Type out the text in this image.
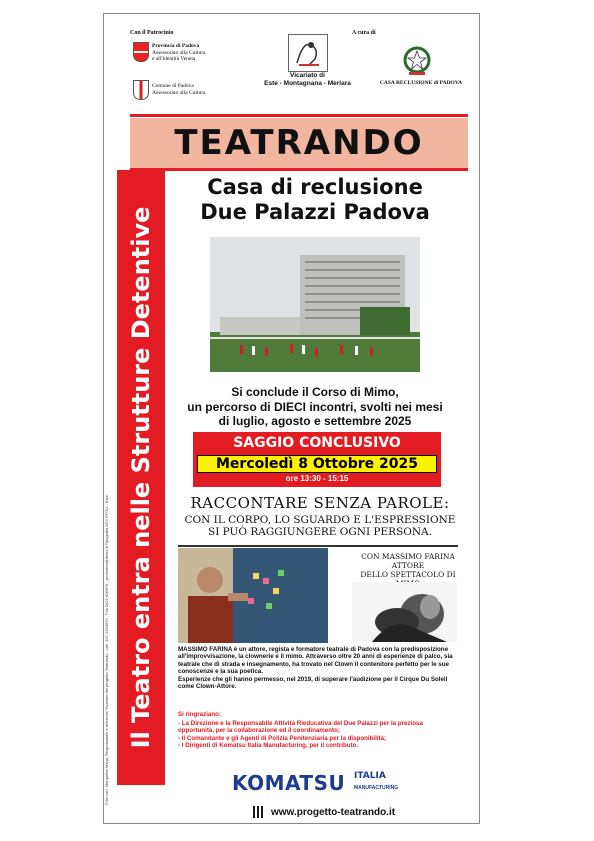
Con il Patrocinio	A cura di
Provincia di Padova
Assessorato alla Cultura
e all'Identità Veneta
Comune di Padova
Assessorato alla Cultura
Vicariato di
Este - Montagnana - Merlara	CASA RECLUSIONE di PADOVA
TEATRANDO
Il Teatro entra nelle Strutture Detentive
Foto cdo: Marquette Maria, Responsabile e referente Vicariato del progetto Teatrando - cell. 347 2394979 - Fax 0429 606876 - promotea@libero.it Tipografia AP3 RTGU - Este
Casa di reclusione
Due Palazzi Padova
Si conclude il Corso di Mimo,
un percorso di DIECI incontri, svolti nei mesi
di luglio, agosto e settembre 2025
SAGGIO CONCLUSIVO
Mercoledì 8 Ottobre 2025
ore 13:30 - 15:15
RACCONTARE SENZA PAROLE:
CON IL CORPO, LO SGUARDO E L'ESPRESSIONE
SI PUÒ RAGGIUNGERE OGNI PERSONA.
CON MASSIMO FARINA ATTORE
DELLO SPETTACOLO DI
MASSIMO FARINA è un attore, regista e formatore teatrale di Padova con la predisposizione all'improvvisazione, la clownerie e il mimo. Attraverso oltre 20 anni di esperienze di palco, sia teatrale che di strada e insegnamento, ha trovato nel Clown il contenitore perfetto per le sue conoscenze e la sua poetica.
Esperienze che gli hanno permesso, nel 2019, di superare l'audizione per il Cirque Du Soleil come Clown-Attore.
Si ringraziano:
- La Direzione e la Responsabile Attività Rieducativa del Due Palazzi per la preziosa opportunità, per la collaborazione ed il coordinamento;
- Il Comandante e gli Agenti di Polizia Penitenziaria per la disponibilità;
- I Dirigenti di Komatsu Italia Manufacturing, per il contributo.
KOMATSU ITALIA
MANUFACTURING
www.progetto-teatrando.it
